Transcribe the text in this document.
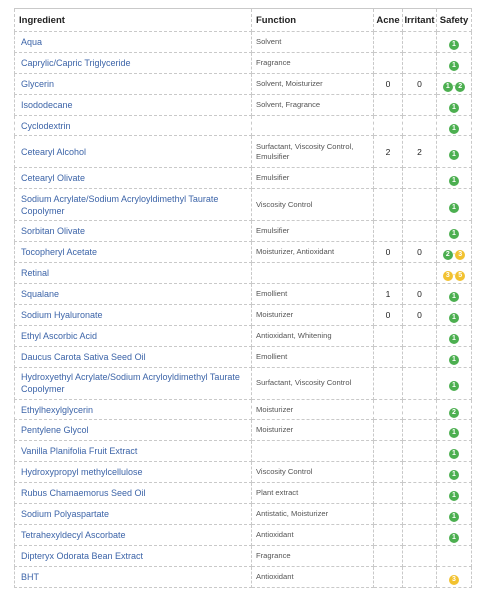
Ingredient	Function	Acne	Irritant	Safety
Aqua	Solvent			1

Caprylic/Capric Triglyceride	Fragrance			1

Glycerin	Solvent, Moisturizer	0	0	1 - 2

Isododecane	Solvent, Fragrance			1

Cyclodextrin				1

Cetearyl Alcohol	Surfactant, Viscosity Control, Emulsifier	2	2	1

Cetearyl Olivate	Emulsifier			1

Sodium Acrylate/Sodium Acryloyldimethyl Taurate Copolymer	Viscosity Control			1

Sorbitan Olivate	Emulsifier			1

Tocopheryl Acetate	Moisturizer, Antioxidant	0	0	2 - 3

Retinal				3 - 5

Squalane	Emollient	1	0	1

Sodium Hyaluronate	Moisturizer	0	0	1

Ethyl Ascorbic Acid	Antioxidant, Whitening			1

Daucus Carota Sativa Seed Oil	Emollient			1

Hydroxyethyl Acrylate/Sodium Acryloyldimethyl Taurate Copolymer	Surfactant, Viscosity Control			1

Ethylhexylglycerin	Moisturizer			2

Pentylene Glycol	Moisturizer			1

Vanilla Planifolia Fruit Extract				1

Hydroxypropyl methylcellulose	Viscosity Control			1

Rubus Chamaemorus Seed Oil	Plant extract			1

Sodium Polyaspartate	Antistatic, Moisturizer			1

Tetrahexyldecyl Ascorbate	Antioxidant			1

Dipteryx Odorata Bean Extract	Fragrance			
BHT	Antioxidant			3
